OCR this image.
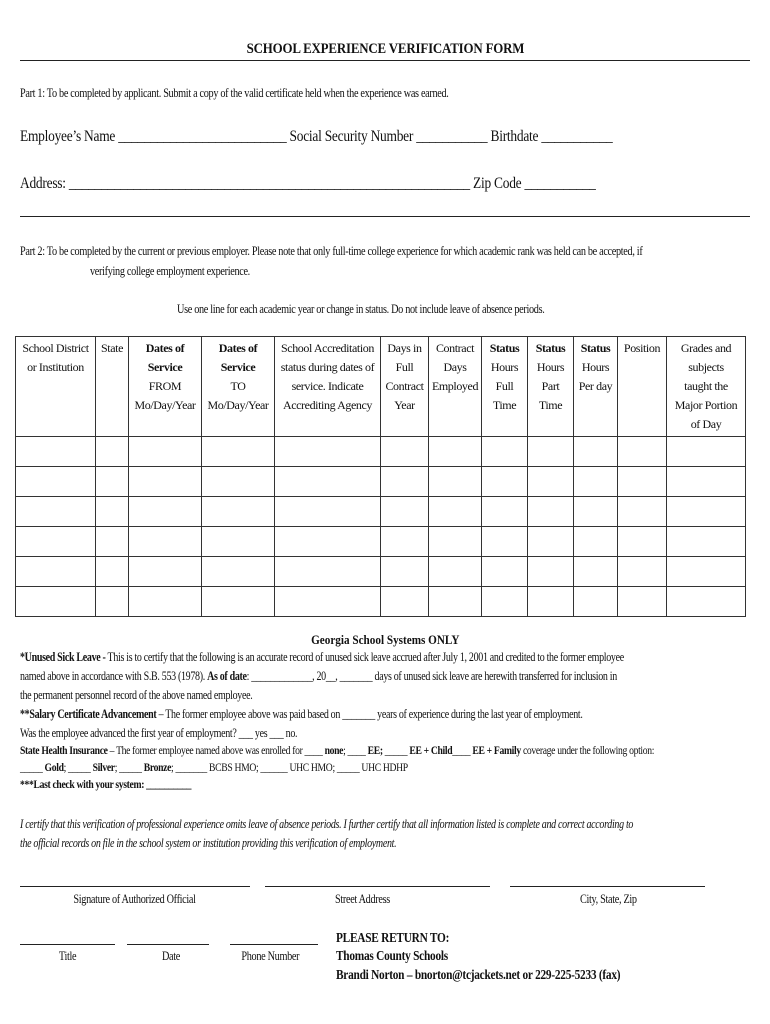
SCHOOL EXPERIENCE VERIFICATION FORM
Part 1: To be completed by applicant. Submit a copy of the valid certificate held when the experience was earned.
Employee’s Name __________________________ Social Security Number ___________ Birthdate ___________
Address: ______________________________________________________________ Zip Code ___________
Part 2: To be completed by the current or previous employer. Please note that only full-time college experience for which academic rank was held can be accepted, if
verifying college employment experience.
Use one line for each academic year or change in status. Do not include leave of absence periods.
School District
or Institution	State	Dates of
Service
FROM
Mo/Day/Year	Dates of
Service
TO
Mo/Day/Year	School Accreditation
status during dates of
service. Indicate
Accrediting Agency	Days in
Full
Contract
Year	Contract
Days
Employed	Status
Hours
Full
Time	Status
Hours
Part
Time	Status
Hours
Per day	Position	Grades and
subjects
taught the
Major Portion
of Day

Georgia School Systems ONLY
*Unused Sick Leave - This is to certify that the following is an accurate record of unused sick leave accrued after July 1, 2001 and credited to the former employee
named above in accordance with S.B. 553 (1978). As of date: _____________, 20__, _______ days of unused sick leave are herewith transferred for inclusion in
the permanent personnel record of the above named employee.
**Salary Certificate Advancement – The former employee above was paid based on _______ years of experience during the last year of employment.
Was the employee advanced the first year of employment? ___ yes ___ no.
State Health Insurance – The former employee named above was enrolled for ____ none; ____ EE; _____ EE + Child____ EE + Family coverage under the following option:
_____ Gold; _____ Silver; _____ Bronze; _______ BCBS HMO; ______ UHC HMO; _____ UHC HDHP
***Last check with your system: __________
I certify that this verification of professional experience omits leave of absence periods. I further certify that all information listed is complete and correct according to
the official records on file in the school system or institution providing this verification of employment.
Signature of Authorized Official	Street Address	City, State, Zip
Title	Date	Phone Number
PLEASE RETURN TO:
Thomas County Schools
Brandi Norton – bnorton@tcjackets.net or 229-225-5233 (fax)
